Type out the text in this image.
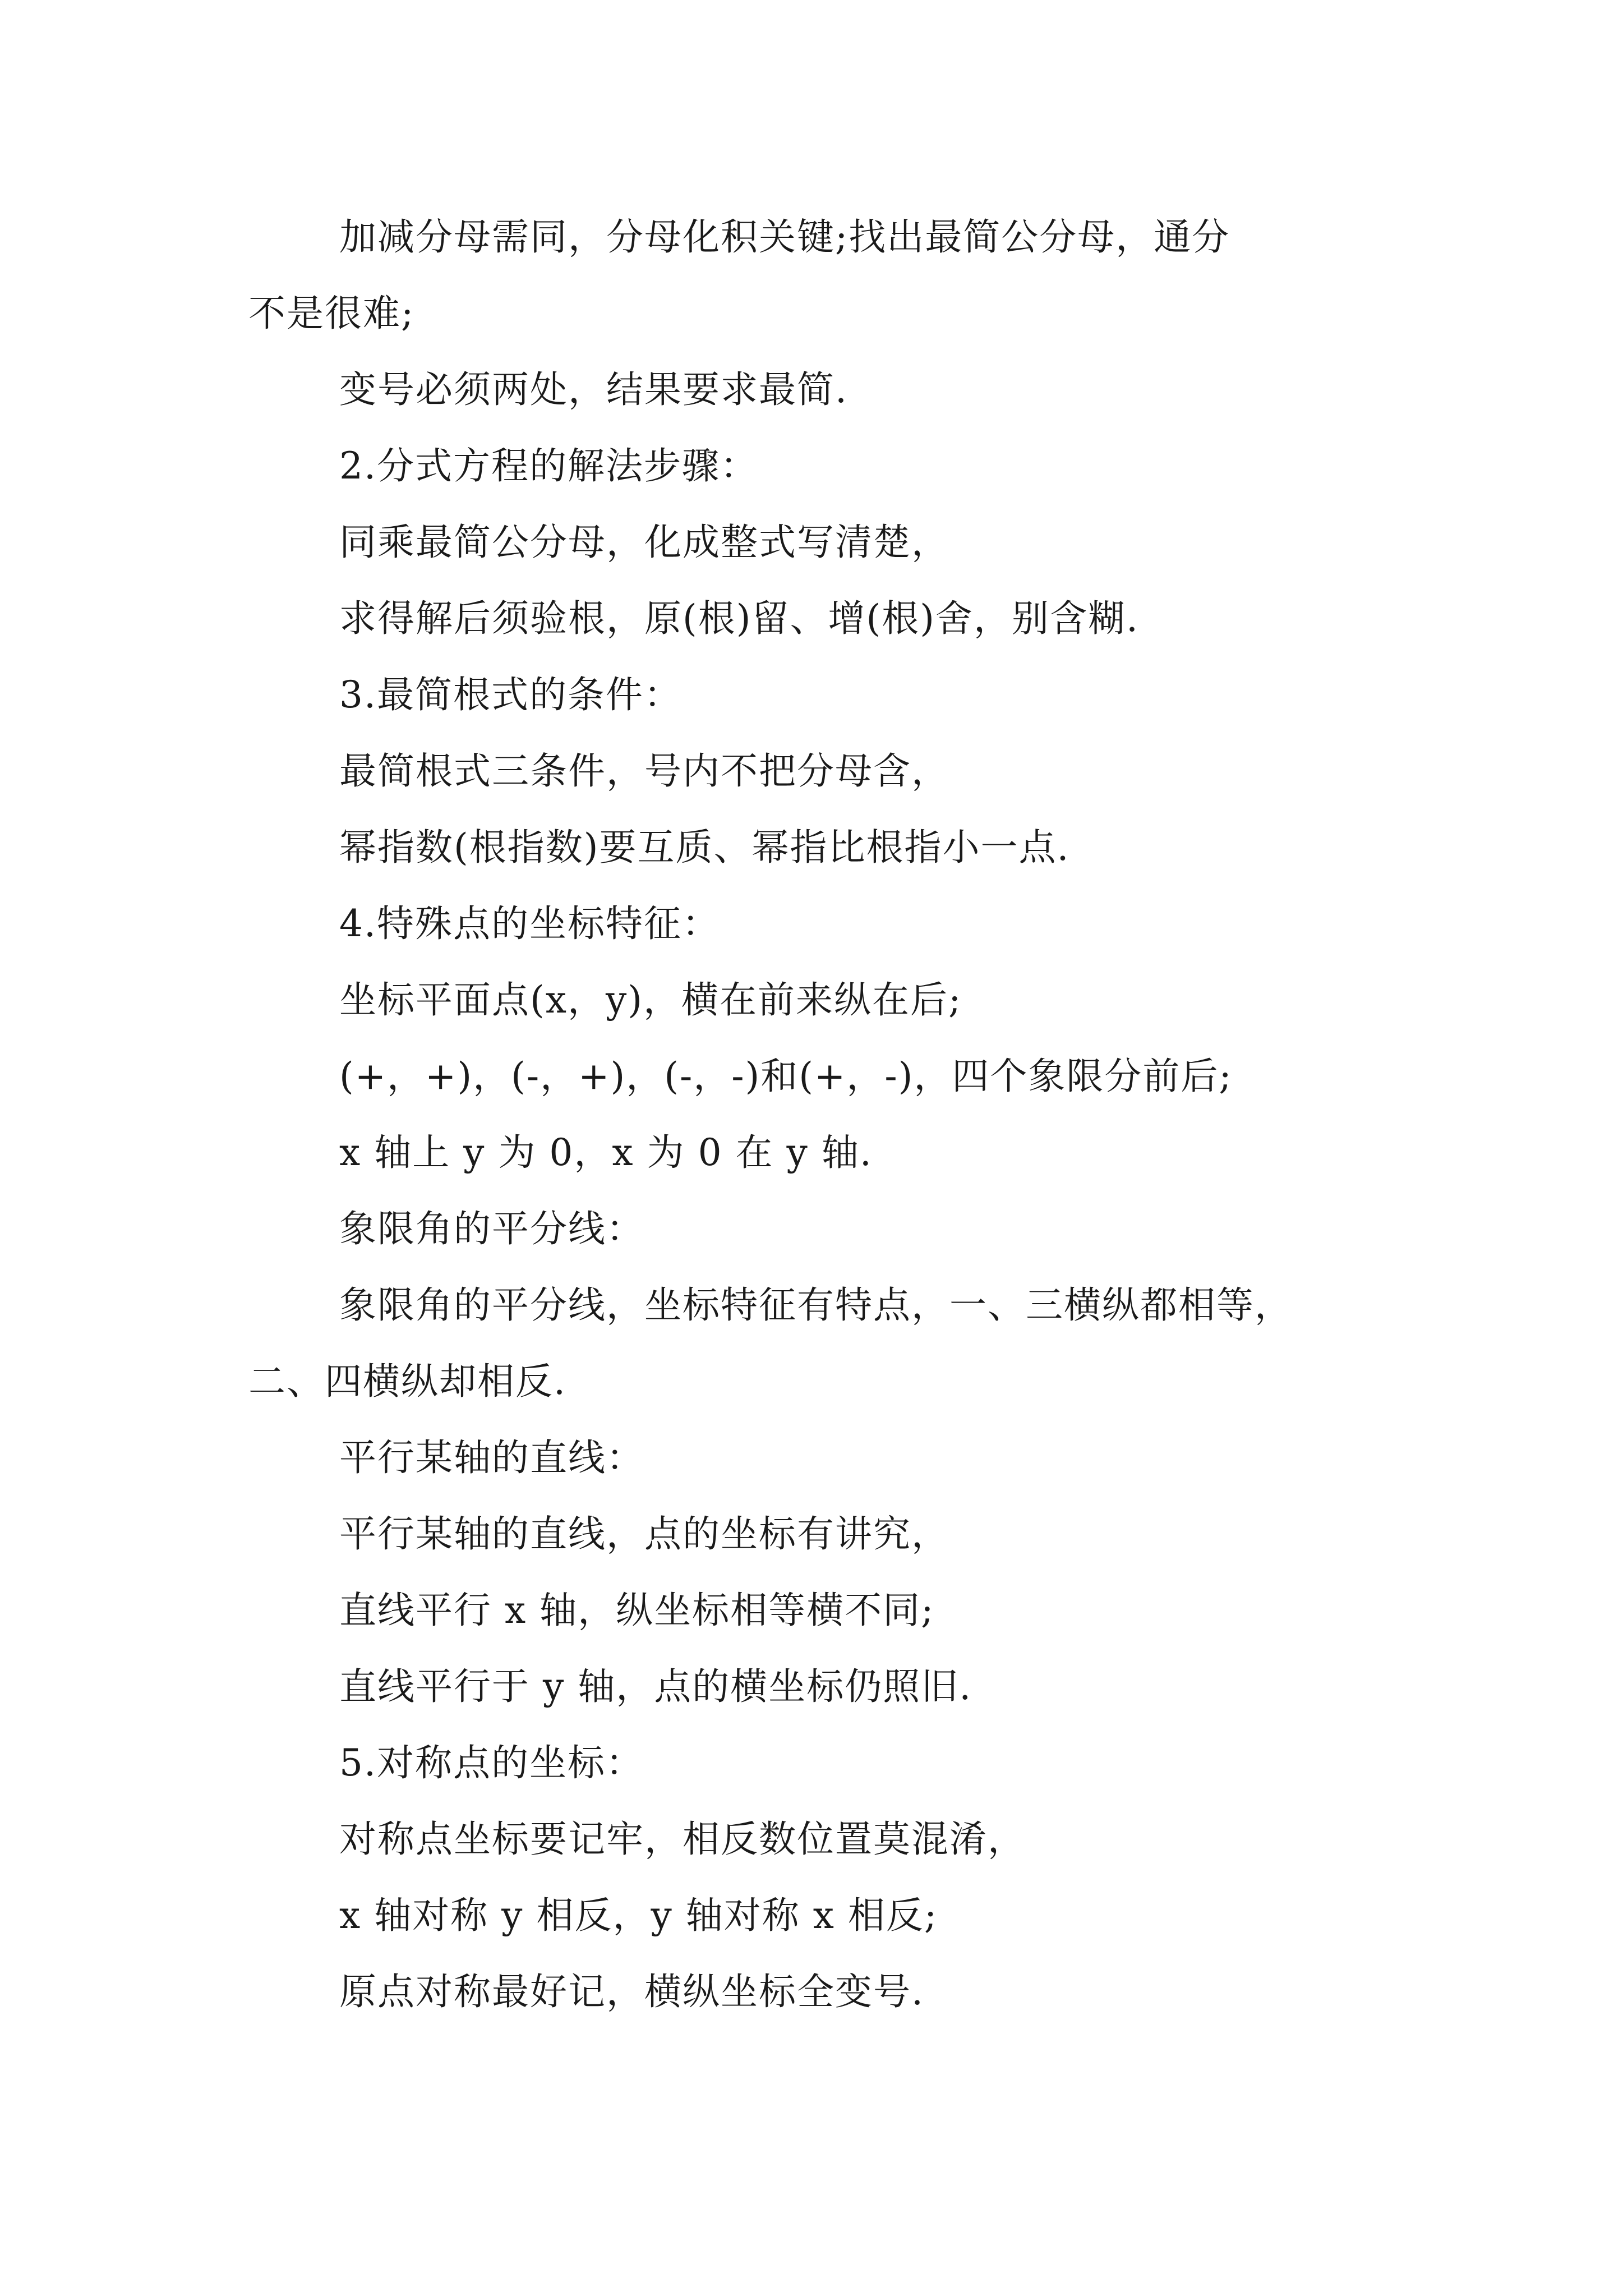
加减分母需同，分母化积关键;找出最简公分母，通分

不是很难;

变号必须两处，结果要求最简.

2.分式方程的解法步骤：

同乘最简公分母，化成整式写清楚，

求得解后须验根，原(根)留、增(根)舍，别含糊.

3.最简根式的条件：

最简根式三条件，号内不把分母含，

幂指数(根指数)要互质、幂指比根指小一点.

4.特殊点的坐标特征：

坐标平面点(x，y)，横在前来纵在后;

(+，+)，(-，+)，(-，-)和(+，-)，四个象限分前后;

x 轴上 y 为 0，x 为 0 在 y 轴.

象限角的平分线：

象限角的平分线，坐标特征有特点，一、三横纵都相等，

二、四横纵却相反.

平行某轴的直线：

平行某轴的直线，点的坐标有讲究，

直线平行 x 轴，纵坐标相等横不同;

直线平行于 y 轴，点的横坐标仍照旧.

5.对称点的坐标：

对称点坐标要记牢，相反数位置莫混淆，

x 轴对称 y 相反，y 轴对称 x 相反;

原点对称最好记，横纵坐标全变号.
